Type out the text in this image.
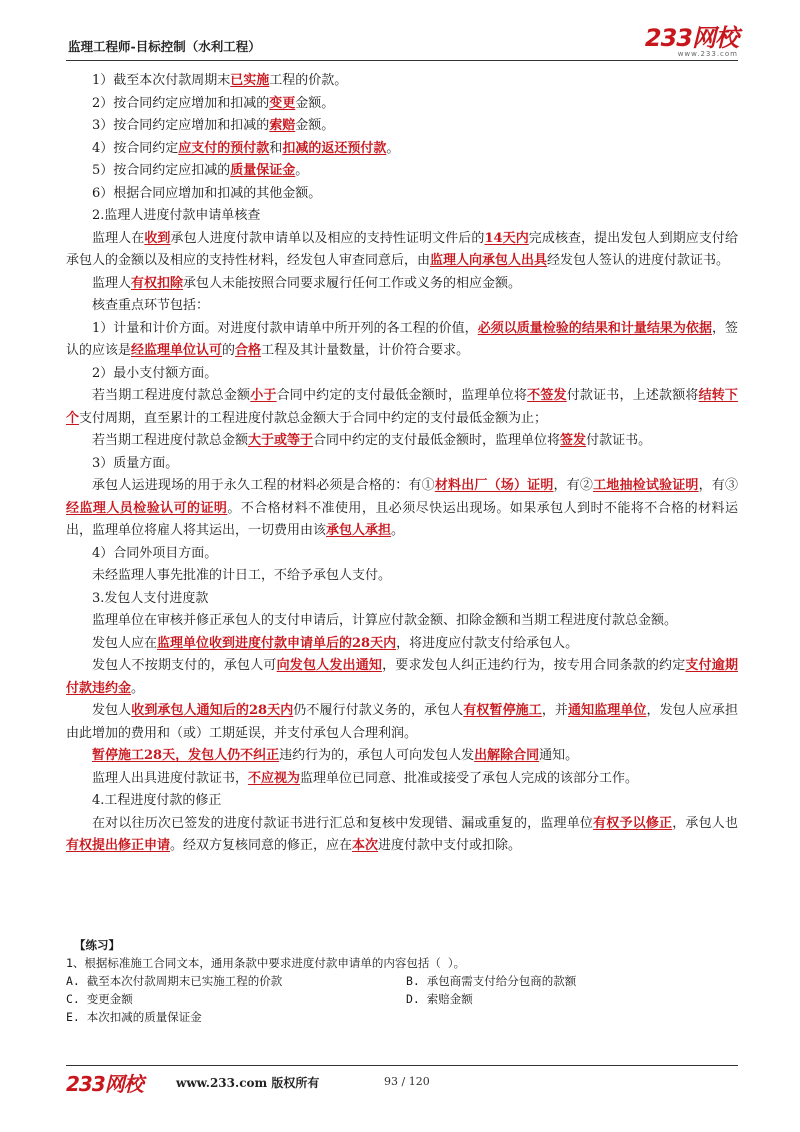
监理工程师-目标控制（水利工程）	233网校
www.233.com

1）截至本次付款周期末已实施工程的价款。

2）按合同约定应增加和扣减的变更金额。

3）按合同约定应增加和扣减的索赔金额。

4）按合同约定应支付的预付款和扣减的返还预付款。

5）按合同约定应扣减的质量保证金。

6）根据合同应增加和扣减的其他金额。

2.监理人进度付款申请单核查

监理人在收到承包人进度付款申请单以及相应的支持性证明文件后的14天内完成核查，提出发包人到期应支付给承包人的金额以及相应的支持性材料，经发包人审查同意后，由监理人向承包人出具经发包人签认的进度付款证书。

监理人有权扣除承包人未能按照合同要求履行任何工作或义务的相应金额。

核查重点环节包括：

1）计量和计价方面。对进度付款申请单中所开列的各工程的价值，必须以质量检验的结果和计量结果为依据，签认的应该是经监理单位认可的合格工程及其计量数量，计价符合要求。

2）最小支付额方面。

若当期工程进度付款总金额小于合同中约定的支付最低金额时，监理单位将不签发付款证书，上述款额将结转下个支付周期，直至累计的工程进度付款总金额大于合同中约定的支付最低金额为止；

若当期工程进度付款总金额大于或等于合同中约定的支付最低金额时，监理单位将签发付款证书。

3）质量方面。

承包人运进现场的用于永久工程的材料必须是合格的：有①材料出厂（场）证明，有②工地抽检试验证明，有③经监理人员检验认可的证明。不合格材料不准使用，且必须尽快运出现场。如果承包人到时不能将不合格的材料运出，监理单位将雇人将其运出，一切费用由该承包人承担。

4）合同外项目方面。

未经监理人事先批准的计日工，不给予承包人支付。

3.发包人支付进度款

监理单位在审核并修正承包人的支付申请后，计算应付款金额、扣除金额和当期工程进度付款总金额。

发包人应在监理单位收到进度付款申请单后的28天内，将进度应付款支付给承包人。

发包人不按期支付的，承包人可向发包人发出通知，要求发包人纠正违约行为，按专用合同条款的约定支付逾期付款违约金。

发包人收到承包人通知后的28天内仍不履行付款义务的，承包人有权暂停施工，并通知监理单位，发包人应承担由此增加的费用和（或）工期延误，并支付承包人合理利润。

暂停施工28天，发包人仍不纠正违约行为的，承包人可向发包人发出解除合同通知。

监理人出具进度付款证书，不应视为监理单位已同意、批准或接受了承包人完成的该部分工作。

4.工程进度付款的修正

在对以往历次已签发的进度付款证书进行汇总和复核中发现错、漏或重复的，监理单位有权予以修正，承包人也有权提出修正申请。经双方复核同意的修正，应在本次进度付款中支付或扣除。

【练习】

1、根据标准施工合同文本，通用条款中要求进度付款申请单的内容包括（ ）。

A. 截至本次付款周期末已实施工程的价款	B. 承包商需支付给分包商的款额
C. 变更金额	D. 索赔金额

E. 本次扣减的质量保证金

233网校	www.233.com 版权所有	93 / 120
